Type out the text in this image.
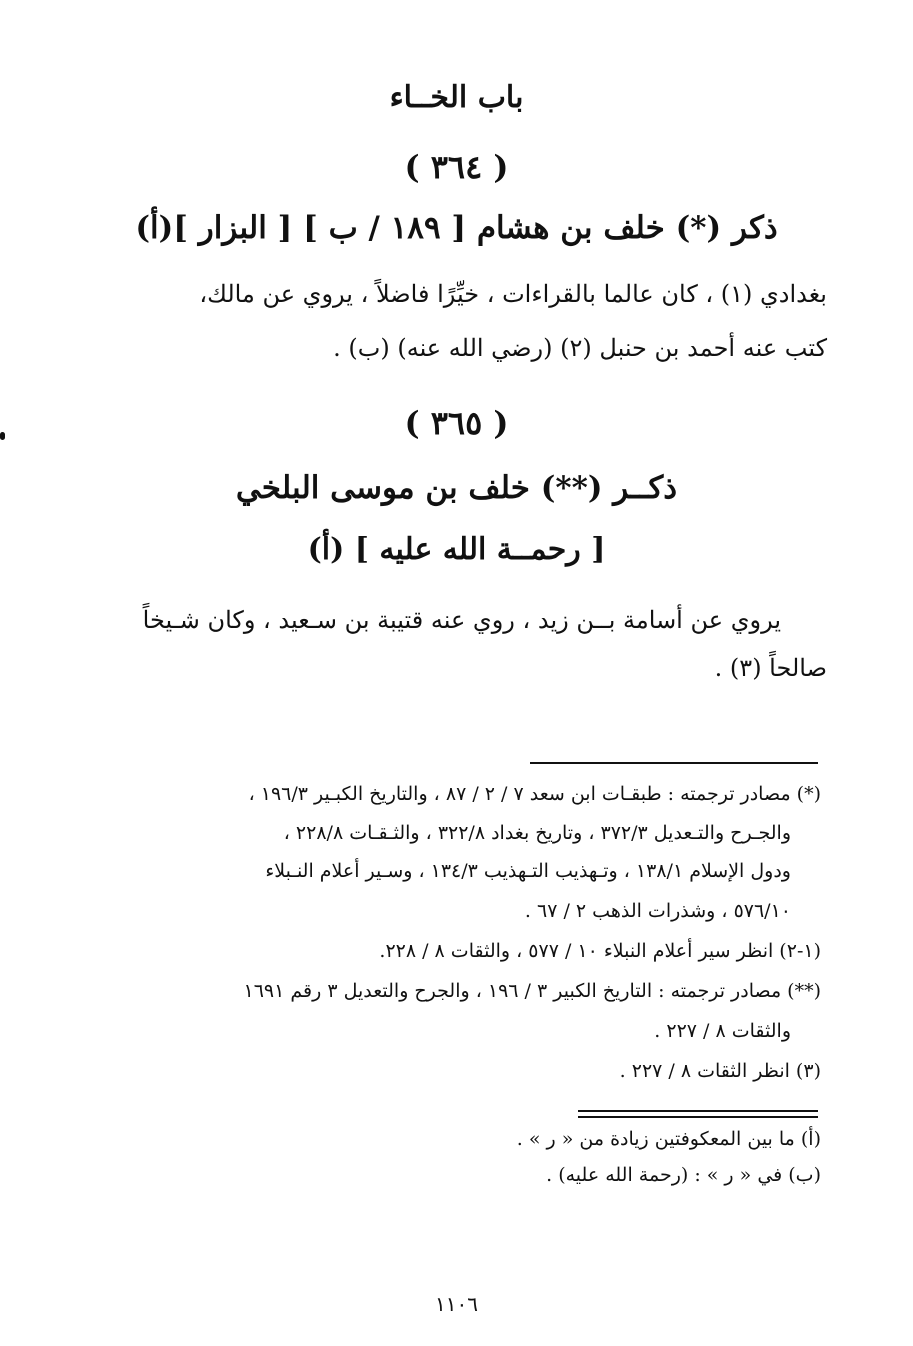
باب الخــاء
( ٣٦٤ )
ذكر (*) خلف بن هشام [ ١٨٩ / ب ] [ البزار ](أ)
بغدادي (١) ، كان عالما بالقراءات ، خيِّرًا فاضلاً ، يروي عن مالك،
كتب عنه أحمد بن حنبل (٢) (رضي الله عنه) (ب) .
( ٣٦٥ )
ذكــر (**) خلف بن موسى البلخي
[ رحمــة الله عليه ] (أ)
يروي عن أسامة بــن زيد ، روي عنه قتيبة بن سـعيد ، وكان شـيخاً
صالحاً (٣) .
(*) مصادر ترجمته : طبقـات ابن سعد ٧ / ٢ / ٨٧ ، والتاريخ الكبـير ١٩٦/٣ ،
والجـرح والتـعديل ٣٧٢/٣ ، وتاريخ بغداد ٣٢٢/٨ ، والثـقـات ٢٢٨/٨ ،
ودول الإسلام ١٣٨/١ ، وتـهذيب التـهذيب ١٣٤/٣ ، وسـير أعلام النـبلاء
٥٧٦/١٠ ، وشذرات الذهب ٢ / ٦٧ .
(١-٢) انظر سير أعلام النبلاء ١٠ / ٥٧٧ ، والثقات ٨ / ٢٢٨.
(**) مصادر ترجمته : التاريخ الكبير ٣ / ١٩٦ ، والجرح والتعديل ٣ رقم ١٦٩١
والثقات ٨ / ٢٢٧ .
(٣) انظر الثقات ٨ / ٢٢٧ .
(أ) ما بين المعكوفتين زيادة من « ر » .
(ب) في « ر » : (رحمة الله عليه) .
١١٠٦
